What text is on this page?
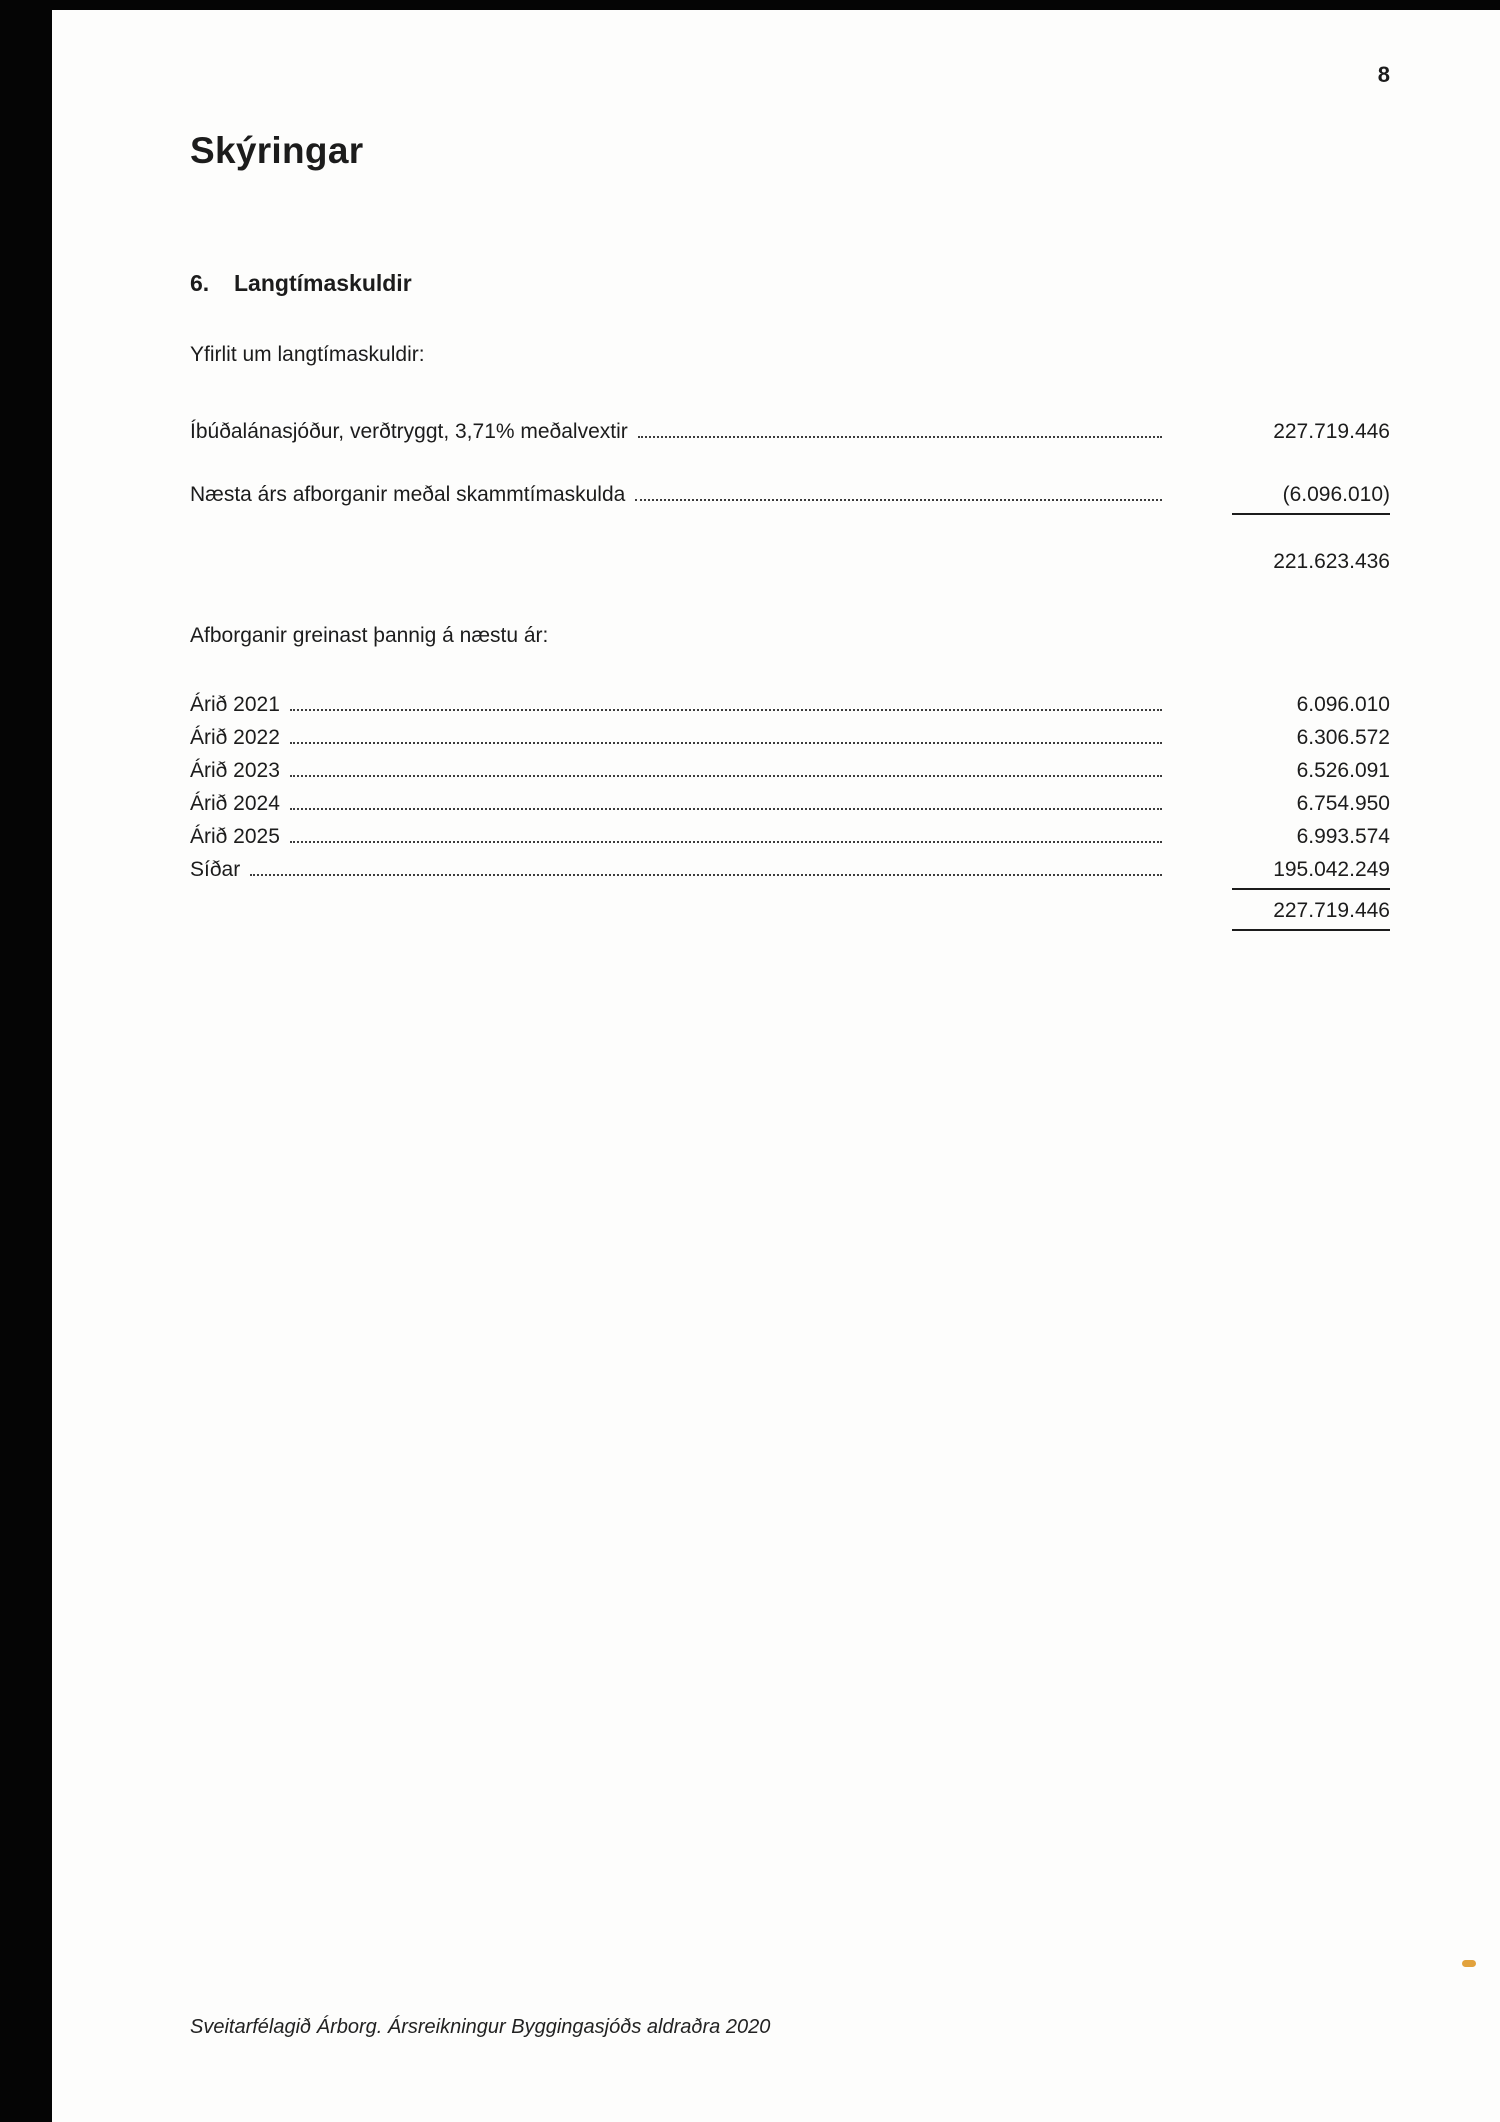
8
Skýringar
6. Langtímaskuldir

Yfirlit um langtímaskuldir:

Íbúðalánasjóður, verðtryggt, 3,71% meðalvextir	227.719.446
Næsta árs afborganir meðal skammtímaskulda	(6.096.010)
221.623.436

Afborganir greinast þannig á næstu ár:

Árið 2021	6.096.010
Árið 2022	6.306.572
Árið 2023	6.526.091
Árið 2024	6.754.950
Árið 2025	6.993.574
Síðar	195.042.249
227.719.446
Sveitarfélagið Árborg. Ársreikningur Byggingasjóðs aldraðra 2020
